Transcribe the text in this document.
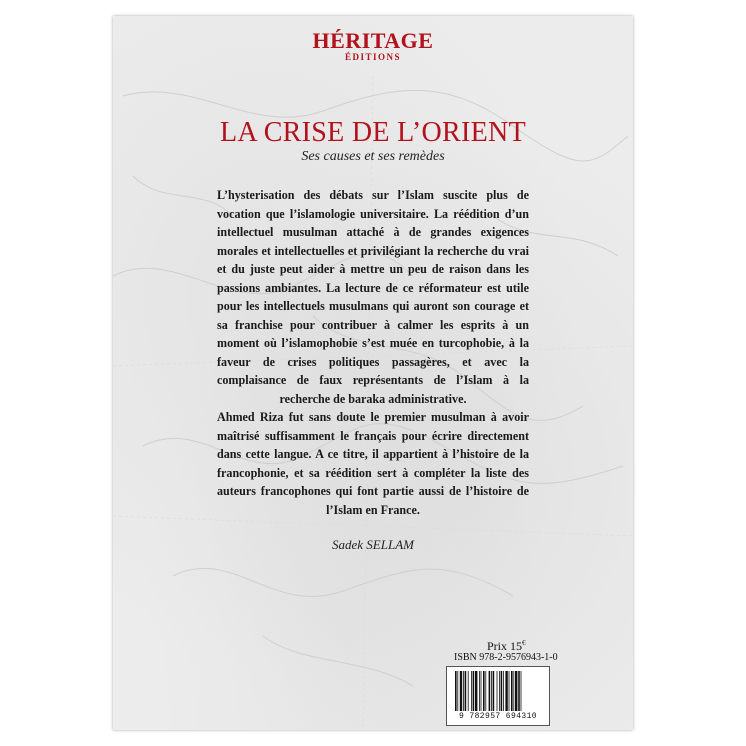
HÉRITAGE
ÉDITIONS
LA CRISE DE L’ORIENT
Ses causes et ses remèdes

L’hysterisation des débats sur l’Islam suscite plus de vocation que l’islamologie universitaire. La réédition d’un intellectuel musulman attaché à de grandes exigences morales et intellectuelles et privilégiant la recherche du vrai et du juste peut aider à mettre un peu de raison dans les passions ambiantes. La lecture de ce réformateur est utile pour les intellectuels musulmans qui auront son courage et sa franchise pour contribuer à calmer les esprits à un moment où l’islamophobie s’est muée en turcophobie, à la faveur de crises politiques passagères, et avec la complaisance de faux représentants de l’Islam à la recherche de baraka administrative.

Ahmed Riza fut sans doute le premier musulman à avoir maîtrisé suffisamment le français pour écrire directement dans cette langue. A ce titre, il appartient à l’histoire de la francophonie, et sa réédition sert à compléter la liste des auteurs francophones qui font partie aussi de l’histoire de l’Islam en France.

Sadek SELLAM
Prix 15€
ISBN 978-2-9576943-1-0
9 782957 694310
